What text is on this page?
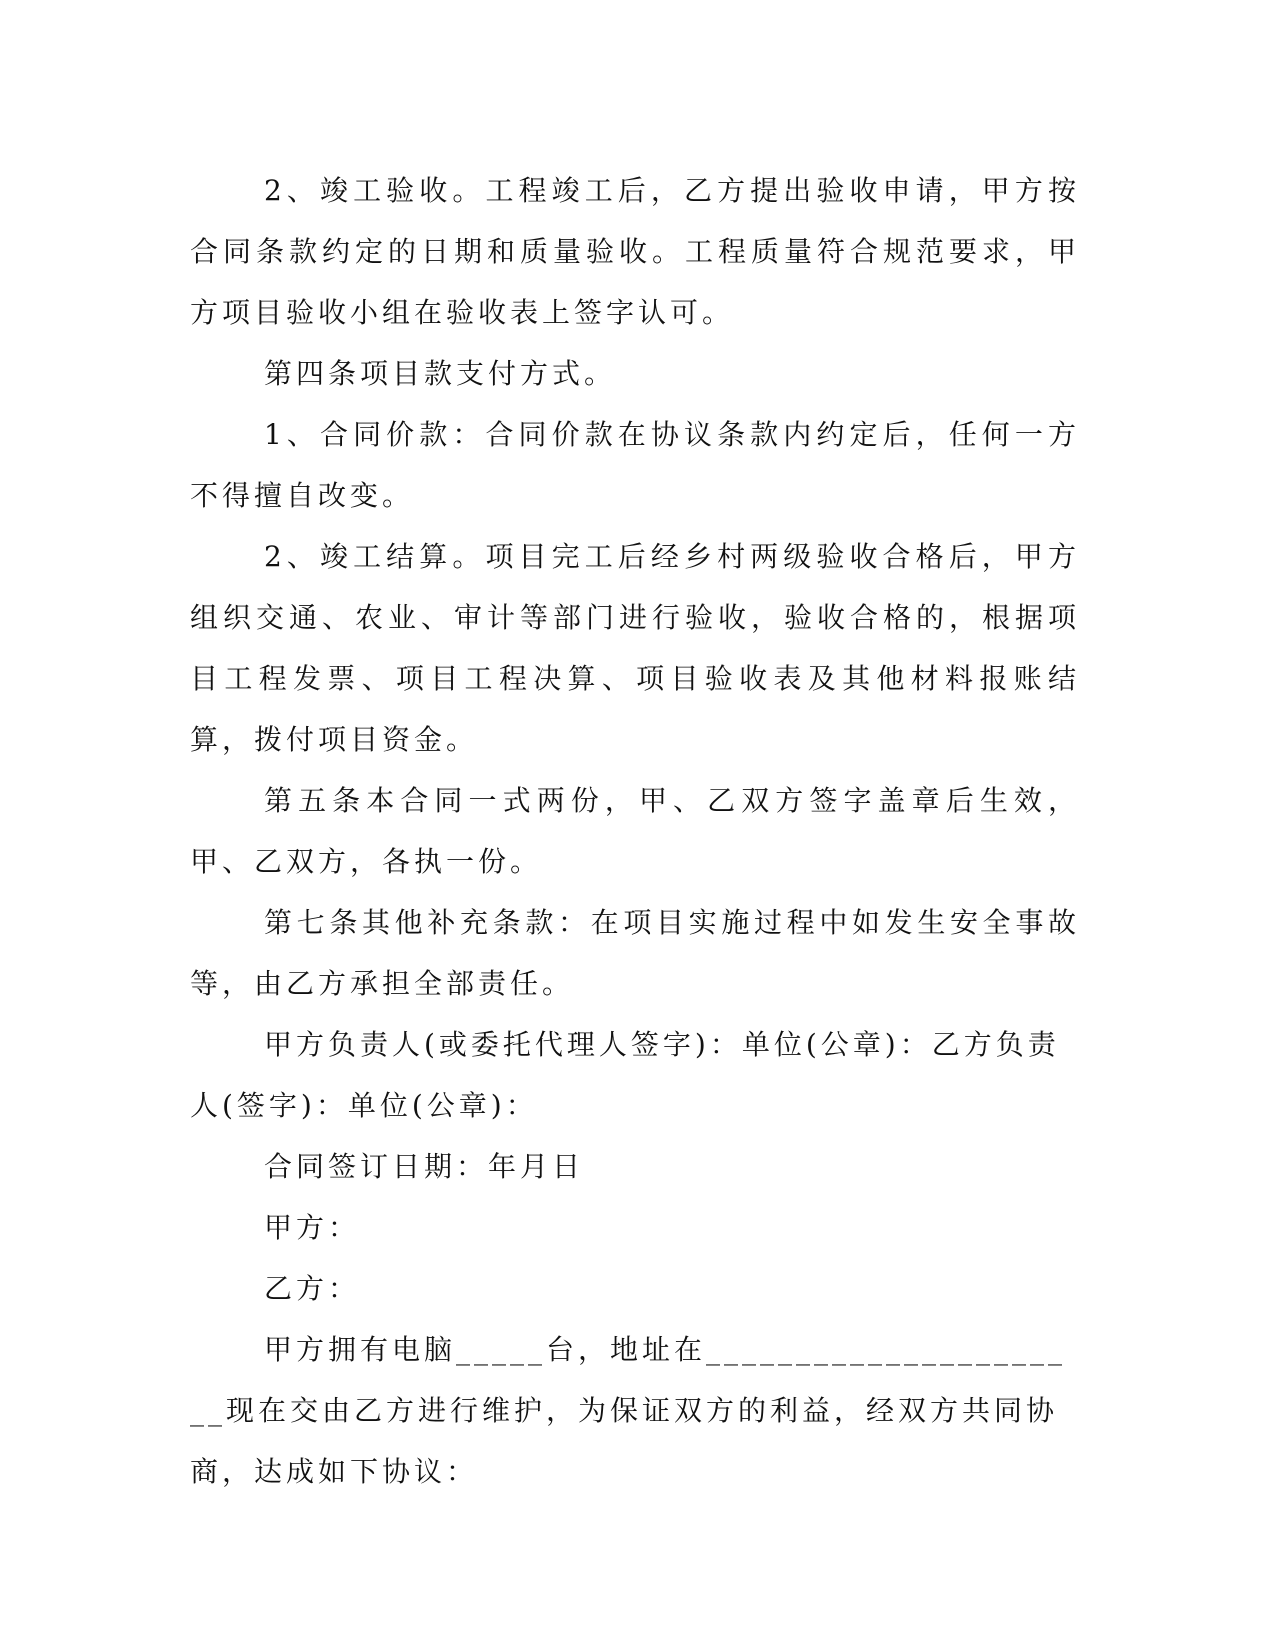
2、竣工验收。工程竣工后，乙方提出验收申请，甲方按合同条款约定的日期和质量验收。工程质量符合规范要求，甲方项目验收小组在验收表上签字认可。

第四条项目款支付方式。

1、合同价款：合同价款在协议条款内约定后，任何一方不得擅自改变。

2、竣工结算。项目完工后经乡村两级验收合格后，甲方组织交通、农业、审计等部门进行验收，验收合格的，根据项目工程发票、项目工程决算、项目验收表及其他材料报账结算，拨付项目资金。

第五条本合同一式两份，甲、乙双方签字盖章后生效，甲、乙双方，各执一份。

第七条其他补充条款：在项目实施过程中如发生安全事故等，由乙方承担全部责任。

甲方负责人(或委托代理人签字)：单位(公章)：乙方负责人(签字)：单位(公章)：

合同签订日期：年月日

甲方：

乙方：

甲方拥有电脑_____台，地址在______________________现在交由乙方进行维护，为保证双方的利益，经双方共同协商，达成如下协议：
